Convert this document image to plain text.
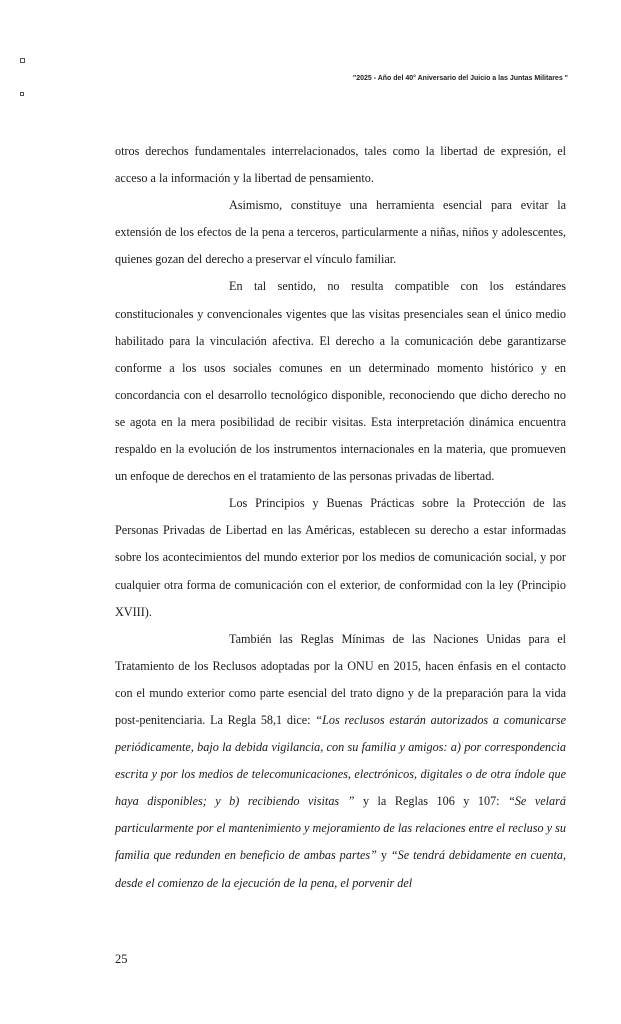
"2025 - Año del 40° Aniversario del Juicio a las Juntas Militares "

otros derechos fundamentales interrelacionados, tales como la libertad de expresión, el acceso a la información y la libertad de pensamiento.

Asimismo, constituye una herramienta esencial para evitar la extensión de los efectos de la pena a terceros, particularmente a niñas, niños y adolescentes, quienes gozan del derecho a preservar el vínculo familiar.

En tal sentido, no resulta compatible con los estándares constitucionales y convencionales vigentes que las visitas presenciales sean el único medio habilitado para la vinculación afectiva. El derecho a la comunicación debe garantizarse conforme a los usos sociales comunes en un determinado momento histórico y en concordancia con el desarrollo tecnológico disponible, reconociendo que dicho derecho no se agota en la mera posibilidad de recibir visitas. Esta interpretación dinámica encuentra respaldo en la evolución de los instrumentos internacionales en la materia, que promueven un enfoque de derechos en el tratamiento de las personas privadas de libertad.

Los Principios y Buenas Prácticas sobre la Protección de las Personas Privadas de Libertad en las Américas, establecen su derecho a estar informadas sobre los acontecimientos del mundo exterior por los medios de comunicación social, y por cualquier otra forma de comunicación con el exterior, de conformidad con la ley (Principio XVIII).

También las Reglas Mínimas de las Naciones Unidas para el Tratamiento de los Reclusos adoptadas por la ONU en 2015, hacen énfasis en el contacto con el mundo exterior como parte esencial del trato digno y de la preparación para la vida post-penitenciaria. La Regla 58,1 dice: “Los reclusos estarán autorizados a comunicarse periódicamente, bajo la debida vigilancia, con su familia y amigos: a) por correspondencia escrita y por los medios de telecomunicaciones, electrónicos, digitales o de otra índole que haya disponibles; y b) recibiendo visitas ” y la Reglas 106 y 107: “Se velará particularmente por el mantenimiento y mejoramiento de las relaciones entre el recluso y su familia que redunden en beneficio de ambas partes” y “Se tendrá debidamente en cuenta, desde el comienzo de la ejecución de la pena, el porvenir del

25
